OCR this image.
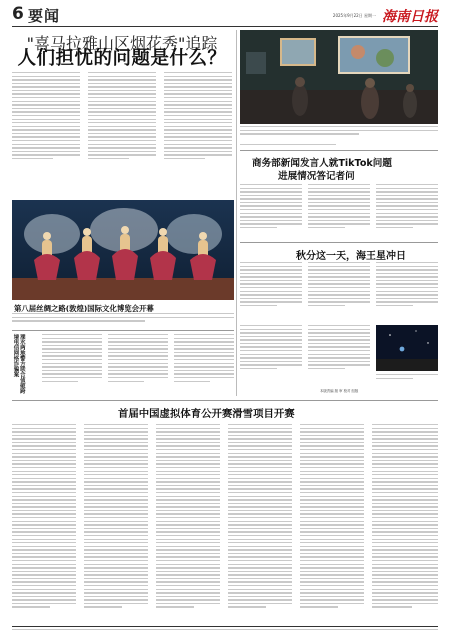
6 要闻	2025年9月22日 星期一 海南日报
"喜马拉雅山区烟花秀"追踪
人们担忧的问题是什么？
商务部新闻发言人就TikTok问题
进展情况答记者问
秋分这一天，海王星冲日
第八届丝绸之路(敦煌)国际文化博览会开幕
本版责编 版 审 校对 组版
溧水两地警方联合侦破跨境电信网络诈骗案
首届中国虚拟体育公开赛滑雪项目开赛
